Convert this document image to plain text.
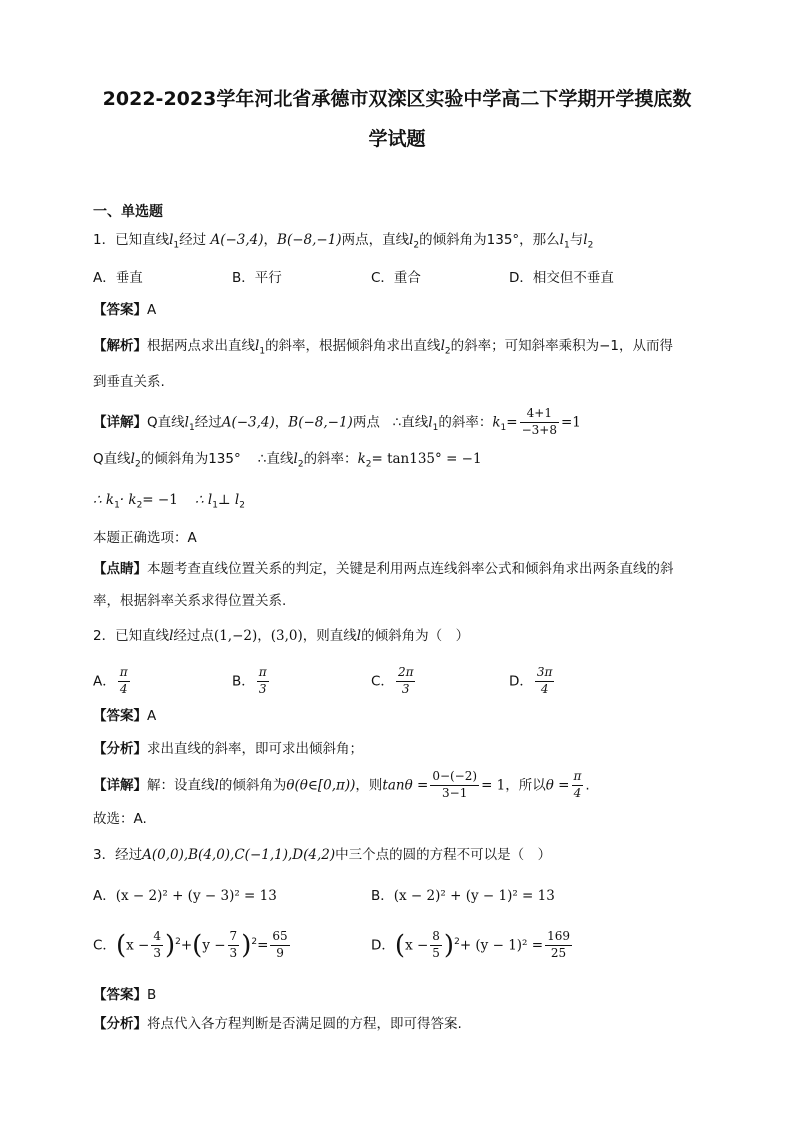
2022-2023学年河北省承德市双滦区实验中学高二下学期开学摸底数
学试题
一、单选题
1．已知直线$l_1$经过 A(−3,4)，B(−8,−1)两点，直线$l_2$的倾斜角为135°，那么$l_1$与$l_2$
A．垂直	B．平行	C．重合	D．相交但不垂直
【答案】A
【解析】根据两点求出直线$l_1$的斜率，根据倾斜角求出直线$l_2$的斜率；可知斜率乘积为−1，从而得
到垂直关系.
【详解】Q直线$l_1$经过A(−3,4)，B(−8,−1)两点 ∴直线$l_1$的斜率：$k_1= \frac{4+1}{-3+8} =1$
Q直线$l_2$的倾斜角为135° ∴直线$l_2$的斜率：$k_2= \tan 135^\circ = -1$
∴ $k_1\cdot k_2= -1$ ∴ $l_1\perp$ $l_2$
本题正确选项：A
【点睛】本题考查直线位置关系的判定，关键是利用两点连线斜率公式和倾斜角求出两条直线的斜
率，根据斜率关系求得位置关系.
2．已知直线l经过点(1,−2)，(3,0)，则直线l的倾斜角为（　）
A． $\frac{\pi}{4}$	B． $\frac{\pi}{3}$	C． $\frac{2\pi}{3}$	D． $\frac{3\pi}{4}$
【答案】A
【分析】求出直线的斜率，即可求出倾斜角；
【详解】解：设直线l的倾斜角为θ(θ∈[0,π))，则$\tan\theta = \frac{0-(-2)}{3-1} = 1$，所以$\theta = \frac{\pi}{4}$ .
故选：A.
3．经过A(0,0),B(4,0),C(−1,1),D(4,2)中三个点的圆的方程不可以是（　）
A．(x − 2)² + (y − 3)² = 13	B．(x − 2)² + (y − 1)² = 13
C．$(x - \frac{4}{3} )^2+(y - \frac{7}{3} )^2= \frac{65}{9}$	D．$(x - \frac{8}{5} )^2+ (y - 1)^2 = \frac{169}{25}$
【答案】B
【分析】将点代入各方程判断是否满足圆的方程，即可得答案.
